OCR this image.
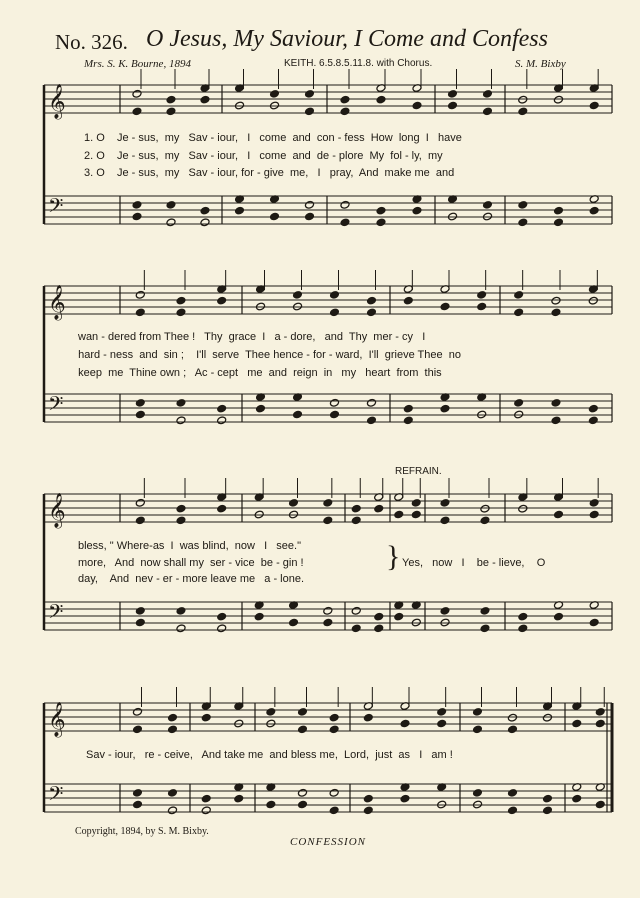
No. 326. O Jesus, My Saviour, I Come and Confess
Mrs. S. K. Bourne, 1894	KEITH. 6.5.8.5.11.8. with Chorus.	S. M. Bixby
𝄞
𝄢
𝄞
𝄢
𝄞
𝄢
𝄞
𝄢
1. O    Je - sus,  my   Sav - iour,   I   come  and  con - fess  How  long  I   have
2. O    Je - sus,  my   Sav - iour,   I   come  and  de - plore  My  fol - ly,  my
3. O    Je - sus,  my   Sav - iour, for - give  me,   I   pray,  And  make me  and
wan - dered from Thee !   Thy  grace  I   a - dore,   and  Thy  mer - cy   I
hard - ness  and  sin ;    I'll  serve  Thee hence - for - ward,  I'll  grieve Thee  no
keep  me  Thine own ;   Ac - cept   me  and  reign  in   my   heart  from  this
REFRAIN.
bless, " Where-as  I  was blind,  now   I   see."
more,   And  now shall my  ser - vice  be - gin !
day,    And  nev - er - more leave me   a - lone.
} Yes,   now   I    be - lieve,    O
Sav - iour,   re - ceive,   And take me  and bless me,  Lord,  just  as   I   am !
Copyright, 1894, by S. M. Bixby.
CONFESSION
